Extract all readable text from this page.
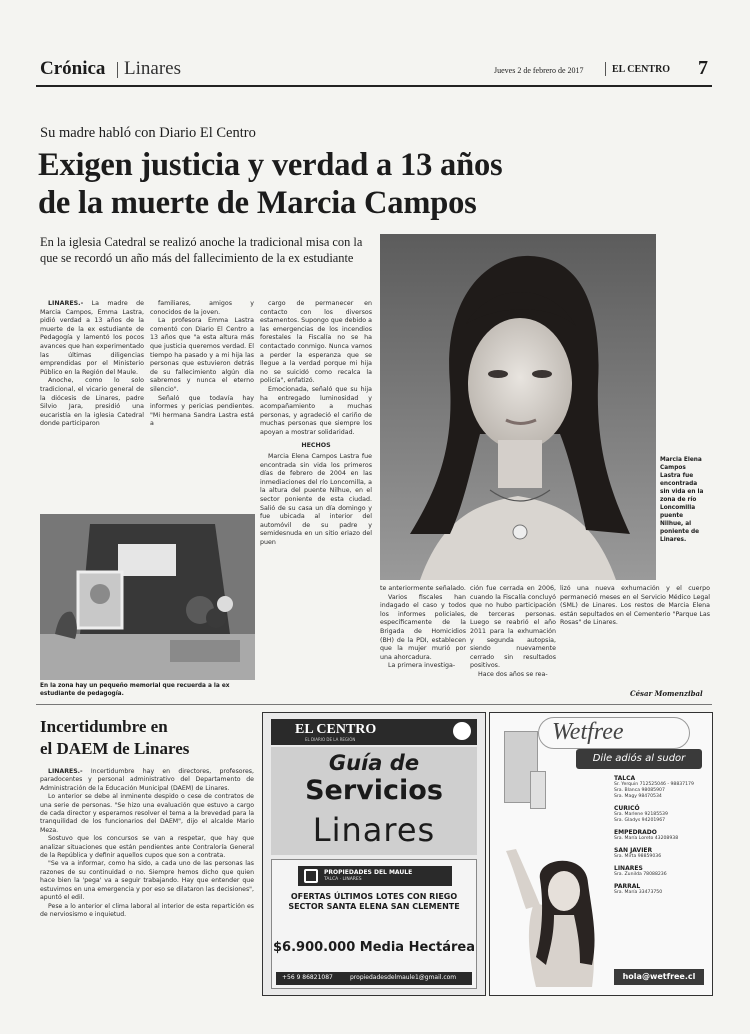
Crónica Linares	Jueves 2 de febrero de 2017	EL CENTRO 7
Su madre habló con Diario El Centro
Exigen justicia y verdad a 13 años
de la muerte de Marcia Campos
En la iglesia Catedral se realizó anoche la tradicional misa con la que se recordó un año más del fallecimiento de la ex estudiante

LINARES.- La madre de Marcia Campos, Emma Lastra, pidió verdad a 13 años de la muerte de la ex estudiante de Pedagogía y lamentó los pocos avances que han experimentado las últimas diligencias emprendidas por el Ministerio Público en la Región del Maule.

Anoche, como lo solo tradicional, el vicario general de la diócesis de Linares, padre Silvio Jara, presidió una eucaristía en la iglesia Catedral donde participaron

familiares, amigos y conocidos de la joven.

La profesora Emma Lastra comentó con Diario El Centro a 13 años que "a esta altura más que justicia queremos verdad. El tiempo ha pasado y a mi hija las personas que estuvieron detrás de su fallecimiento algún día sabremos y nunca el eterno silencio".

Señaló que todavía hay informes y pericias pendientes. "Mi hermana Sandra Lastra está a

cargo de permanecer en contacto con los diversos estamentos. Supongo que debido a las emergencias de los incendios forestales la Fiscalía no se ha contactado conmigo. Nunca vamos a perder la esperanza que se llegue a la verdad porque mi hija no se suicidó como recalca la policía", enfatizó.

Emocionada, señaló que su hija ha entregado luminosidad y acompañamiento a muchas personas, y agradeció el cariño de muchas personas que siempre los apoyan a mostrar solidaridad.

HECHOS

Marcia Elena Campos Lastra fue encontrada sin vida los primeros días de febrero de 2004 en las inmediaciones del río Loncomilla, a la altura del puente Nilhue, en el sector poniente de esta ciudad. Salió de su casa un día domingo y fue ubicada al interior del automóvil de su padre y semidesnuda en un sitio eriazo del puen

Marcia Elena Campos Lastra fue encontrada sin vida en la zona de río Loncomilla puente Nilhue, al poniente de Linares.
En la zona hay un pequeño memorial que recuerda a la ex estudiante de pedagogía.

te anteriormente señalado.

Varios fiscales han indagado el caso y todos los informes policiales, específicamente de la Brigada de Homicidios (BH) de la PDI, establecen que la mujer murió por una ahorcadura.

La primera investiga-

ción fue cerrada en 2006, cuando la Fiscalía concluyó que no hubo participación de terceras personas. Luego se reabrió el año 2011 para la exhumación y segunda autopsia, siendo nuevamente cerrado sin resultados positivos.

Hace dos años se rea-

lizó una nueva exhumación y el cuerpo permaneció meses en el Servicio Médico Legal (SML) de Linares. Los restos de Marcia Elena están sepultados en el Cementerio "Parque Las Rosas" de Linares.

César Momenzibal
Incertidumbre en
el DAEM de Linares

LINARES.- Incertidumbre hay en directores, profesores, paradocentes y personal administrativo del Departamento de Administración de la Educación Municipal (DAEM) de Linares.

Lo anterior se debe al inminente despido o cese de contratos de una serie de personas. "Se hizo una evaluación que estuvo a cargo de cada director y esperamos resolver el tema a la brevedad para la tranquilidad de los funcionarios del DAEM", dijo el alcalde Mario Meza.

Sostuvo que los concursos se van a respetar, que hay que analizar situaciones que están pendientes ante Contraloría General de la República y definir aquellos cupos que son a contrata.

"Se va a informar, como ha sido, a cada uno de las personas las razones de su continuidad o no. Siempre hemos dicho que quien hace bien la 'pega' va a seguir trabajando. Hay que entender que estuvimos en una emergencia y por eso se dilataron las decisiones", apuntó el edil.

Pese a lo anterior el clima laboral al interior de esta repartición es de nerviosismo e inquietud.

EL CENTRO
EL DIARIO DE LA REGIÓN
Guía de
Servicios
Linares
PROPIEDADES DEL MAULE
TALCA · LINARES
OFERTAS ÚLTIMOS LOTES CON RIEGO SECTOR SANTA ELENA SAN CLEMENTE
$6.900.000 Media Hectárea
+56 9 86821087	propiedadesdelmaule1@gmail.com
Wetfree
Dile adiós al sudor
TALCA
Sr. Yerquin 712525046 - 98837179
Sra. Blanca 98085907
Sra. Magy 98470534
CURICÓ
Sra. Marlene 92185539
Sra. Gladys 94201967
EMPEDRADO
Sra. María Loreto 43208938
SAN JAVIER
Sra. Mirta 98859036
LINARES
Sra. Zunilda 78088236
PARRAL
Sra. María 33473750
hola@wetfree.cl
